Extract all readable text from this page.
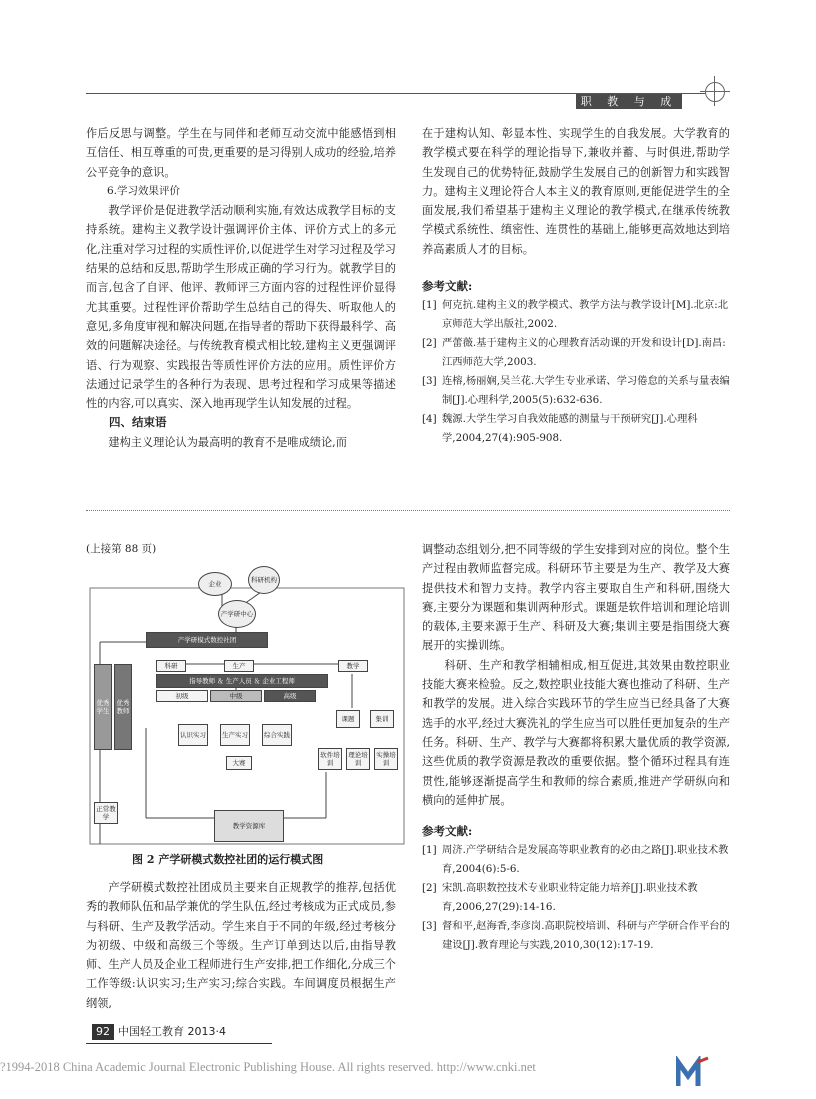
职 教 与 成 教

作后反思与调整。学生在与同伴和老师互动交流中能感悟到相互信任、相互尊重的可贵,更重要的是习得别人成功的经验,培养公平竞争的意识。

6.学习效果评价

教学评价是促进教学活动顺利实施,有效达成教学目标的支持系统。建构主义教学设计强调评价主体、评价方式上的多元化,注重对学习过程的实质性评价,以促进学生对学习过程及学习结果的总结和反思,帮助学生形成正确的学习行为。就教学目的而言,包含了自评、他评、教师评三方面内容的过程性评价显得尤其重要。过程性评价帮助学生总结自己的得失、听取他人的意见,多角度审视和解决问题,在指导者的帮助下获得最科学、高效的问题解决途径。与传统教育模式相比较,建构主义更强调评语、行为观察、实践报告等质性评价方法的应用。质性评价方法通过记录学生的各种行为表现、思考过程和学习成果等描述性的内容,可以真实、深入地再现学生认知发展的过程。

四、结束语

建构主义理论认为最高明的教育不是唯成绩论,而

在于建构认知、彰显本性、实现学生的自我发展。大学教育的教学模式要在科学的理论指导下,兼收并蓄、与时俱进,帮助学生发现自己的优势特征,鼓励学生发展自己的创新智力和实践智力。建构主义理论符合人本主义的教育原则,更能促进学生的全面发展,我们希望基于建构主义理论的教学模式,在继承传统教学模式系统性、缜密性、连贯性的基础上,能够更高效地达到培养高素质人才的目标。

参考文献:
[1] 何克抗.建构主义的教学模式、教学方法与教学设计[M].北京:北京师范大学出版社,2002.
[2] 严蕾薇.基于建构主义的心理教育活动课的开发和设计[D].南昌:江西师范大学,2003.
[3] 连榕,杨丽娴,吴兰花.大学生专业承诺、学习倦怠的关系与量表编制[J].心理科学,2005(5):632-636.
[4] 魏源.大学生学习自我效能感的测量与干预研究[J].心理科学,2004,27(4):905-908.

(上接第 88 页)

企业	科研机构
产学研中心
产学研模式数控社团
科研	生产	教学
指导教师 ＆ 生产人员 ＆ 企业工程师
初级	中级	高级
优秀学生
优秀教师
认识实习	生产实习	综合实践
课题	集训
大赛
软件培训
理论培训
实操培训
正常教学
教学资源库
图 2 产学研模式数控社团的运行模式图

产学研模式数控社团成员主要来自正规教学的推荐,包括优秀的教师队伍和品学兼优的学生队伍,经过考核成为正式成员,参与科研、生产及教学活动。学生来自于不同的年级,经过考核分为初级、中级和高级三个等级。生产订单到达以后,由指导教师、生产人员及企业工程师进行生产安排,把工作细化,分成三个工作等级:认识实习;生产实习;综合实践。车间调度员根据生产纲领,

调整动态组划分,把不同等级的学生安排到对应的岗位。整个生产过程由教师监督完成。科研环节主要是为生产、教学及大赛提供技术和智力支持。教学内容主要取自生产和科研,围绕大赛,主要分为课题和集训两种形式。课题是软件培训和理论培训的载体,主要来源于生产、科研及大赛;集训主要是指围绕大赛展开的实操训练。

科研、生产和教学相辅相成,相互促进,其效果由数控职业技能大赛来检验。反之,数控职业技能大赛也推动了科研、生产和教学的发展。进入综合实践环节的学生应当已经具备了大赛选手的水平,经过大赛洗礼的学生应当可以胜任更加复杂的生产任务。科研、生产、教学与大赛都将积累大量优质的教学资源,这些优质的教学资源是教改的重要依据。整个循环过程具有连贯性,能够逐渐提高学生和教师的综合素质,推进产学研纵向和横向的延伸扩展。

参考文献:
[1] 周济.产学研结合是发展高等职业教育的必由之路[J].职业技术教育,2004(6):5-6.
[2] 宋凯.高职数控技术专业职业特定能力培养[J].职业技术教育,2006,27(29):14-16.
[3] 督和平,赵海香,李彦岗.高职院校培训、科研与产学研合作平台的建设[J].教育理论与实践,2010,30(12):17-19.
92 中国轻工教育 2013·4
?1994-2018 China Academic Journal Electronic Publishing House. All rights reserved. http://www.cnki.net
